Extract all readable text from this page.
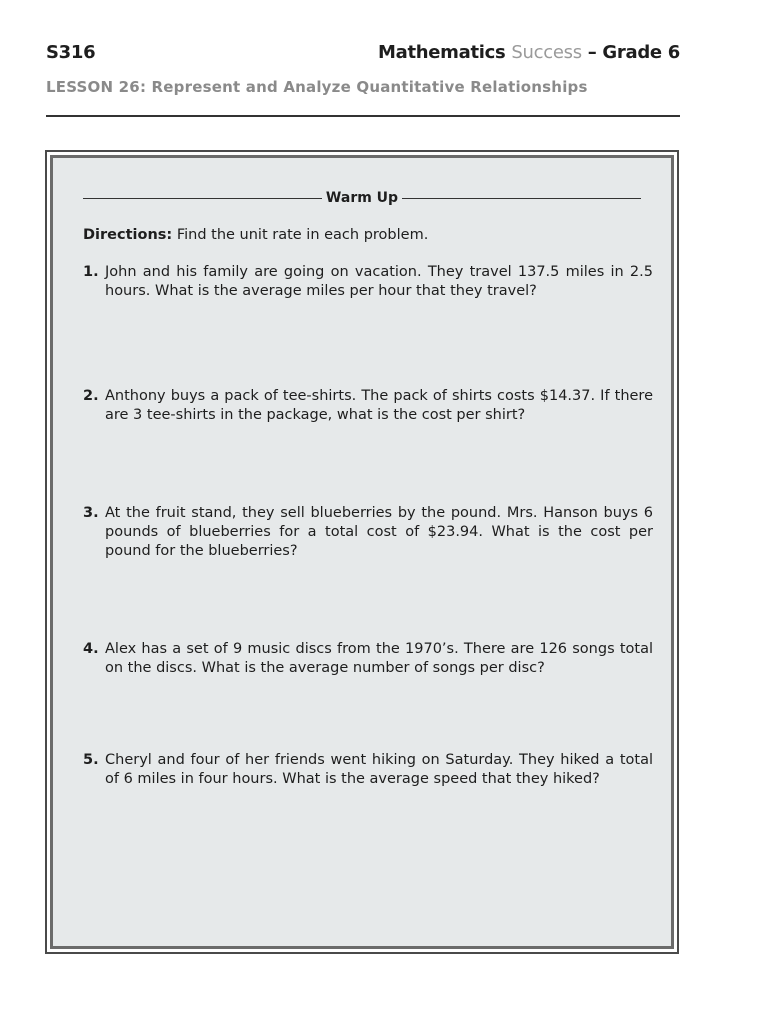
S316	Mathematics Success – Grade 6
LESSON 26: Represent and Analyze Quantitative Relationships
Warm Up
Directions: Find the unit rate in each problem.
1. John and his family are going on vacation. They travel 137.5 miles in 2.5 hours. What is the average miles per hour that they travel?
2. Anthony buys a pack of tee-shirts. The pack of shirts costs $14.37. If there are 3 tee-shirts in the package, what is the cost per shirt?
3. At the fruit stand, they sell blueberries by the pound. Mrs. Hanson buys 6 pounds of blueberries for a total cost of $23.94. What is the cost per pound for the blueberries?
4. Alex has a set of 9 music discs from the 1970’s. There are 126 songs total on the discs. What is the average number of songs per disc?
5. Cheryl and four of her friends went hiking on Saturday. They hiked a total of 6 miles in four hours. What is the average speed that they hiked?
